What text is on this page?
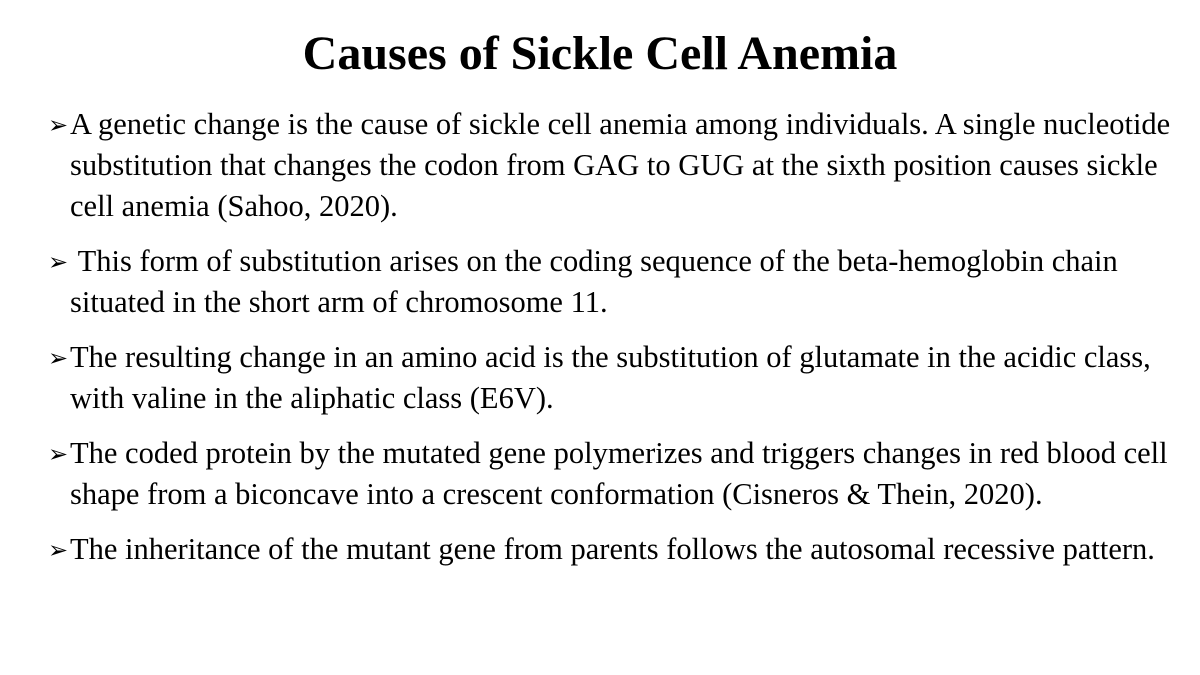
Causes of Sickle Cell Anemia
➢ A genetic change is the cause of sickle cell anemia among individuals. A single nucleotide substitution that changes the codon from GAG to GUG at the sixth position causes sickle cell anemia (Sahoo, 2020).
➢ This form of substitution arises on the coding sequence of the beta-hemoglobin chain situated in the short arm of chromosome 11.
➢ The resulting change in an amino acid is the substitution of glutamate in the acidic class, with valine in the aliphatic class (E6V).
➢ The coded protein by the mutated gene polymerizes and triggers changes in red blood cell shape from a biconcave into a crescent conformation (Cisneros & Thein, 2020).
➢ The inheritance of the mutant gene from parents follows the autosomal recessive pattern.
